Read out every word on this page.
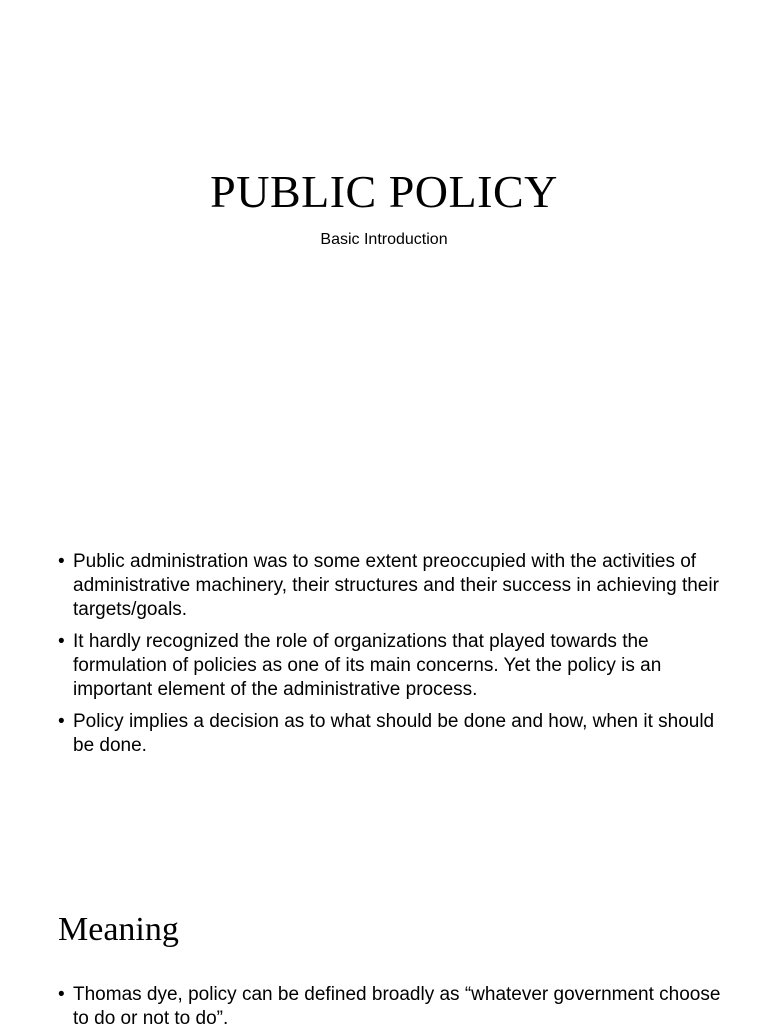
PUBLIC POLICY
Basic Introduction
• Public administration was to some extent preoccupied with the activities of administrative machinery, their structures and their success in achieving their targets/goals.
• It hardly recognized the role of organizations that played towards the formulation of policies as one of its main concerns. Yet the policy is an important element of the administrative process.
• Policy implies a decision as to what should be done and how, when it should be done.
Meaning
• Thomas dye, policy can be defined broadly as “whatever government choose to do or not to do”.
